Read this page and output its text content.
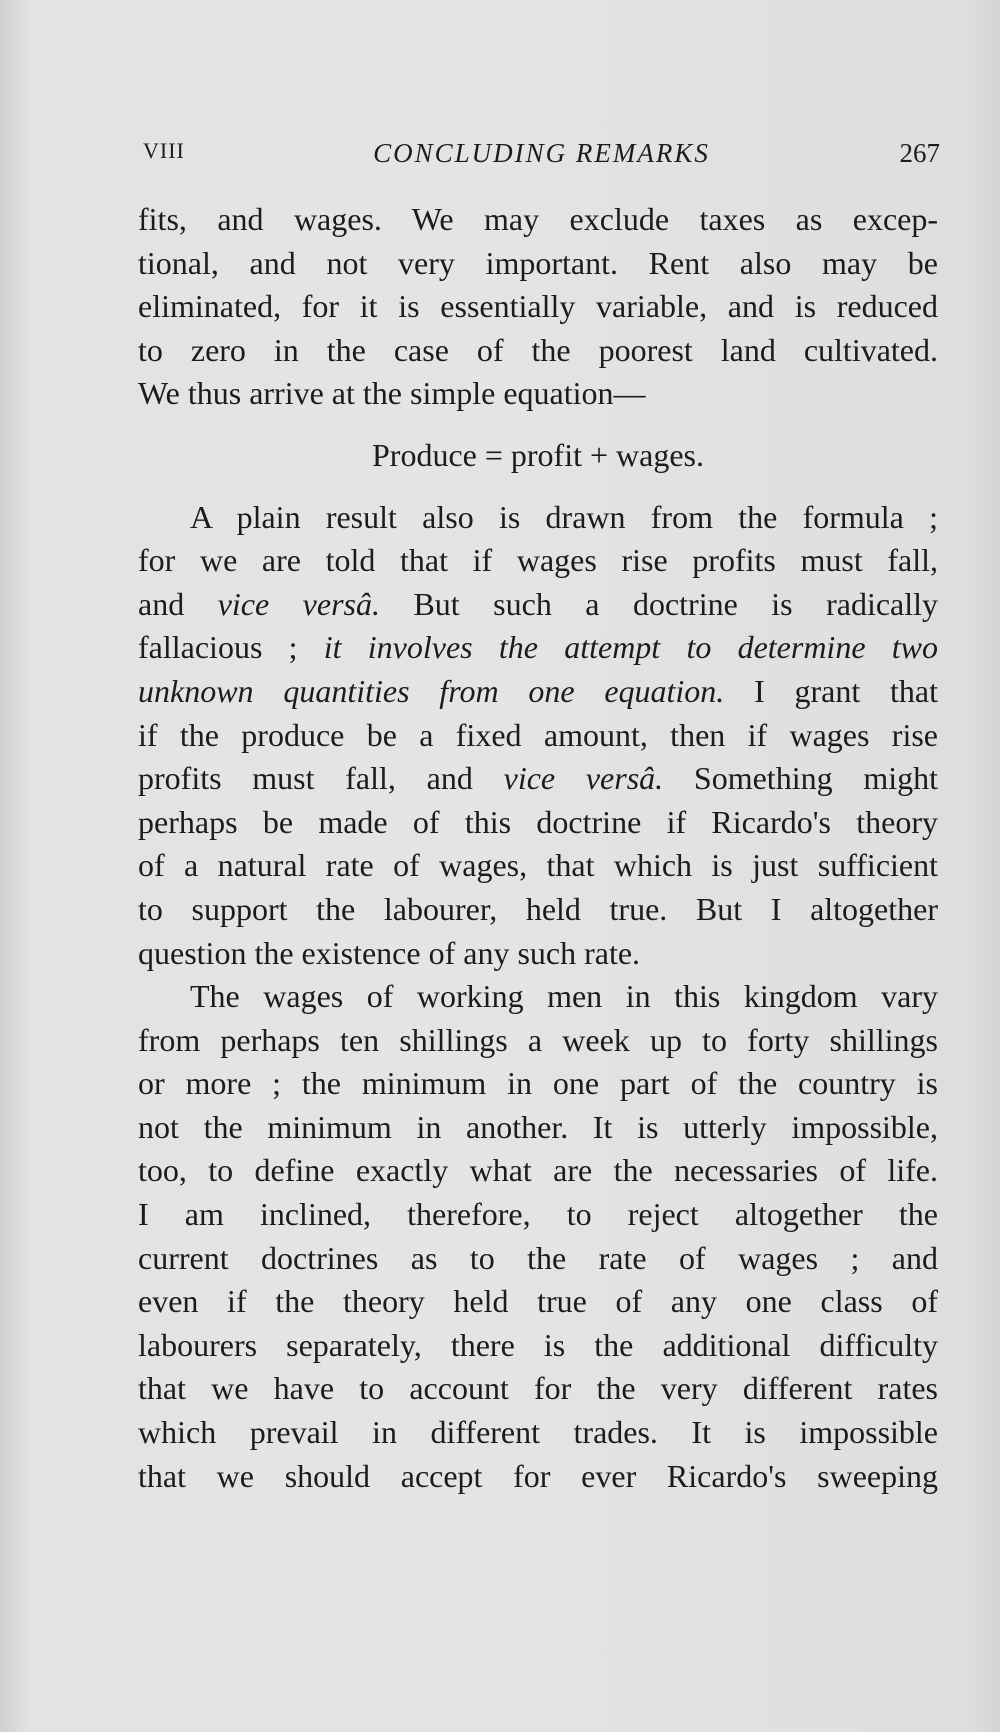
VIII	CONCLUDING REMARKS	267
fits, and wages. We may exclude taxes as excep-
tional, and not very important. Rent also may be
eliminated, for it is essentially variable, and is reduced
to zero in the case of the poorest land cultivated.
We thus arrive at the simple equation—
Produce = profit + wages.
A plain result also is drawn from the formula ;
for we are told that if wages rise profits must fall,
and vice versâ. But such a doctrine is radically
fallacious ; it involves the attempt to determine two
unknown quantities from one equation. I grant that
if the produce be a fixed amount, then if wages rise
profits must fall, and vice versâ. Something might
perhaps be made of this doctrine if Ricardo's theory
of a natural rate of wages, that which is just sufficient
to support the labourer, held true. But I altogether
question the existence of any such rate.
The wages of working men in this kingdom vary
from perhaps ten shillings a week up to forty shillings
or more ; the minimum in one part of the country is
not the minimum in another. It is utterly impossible,
too, to define exactly what are the necessaries of life.
I am inclined, therefore, to reject altogether the
current doctrines as to the rate of wages ; and
even if the theory held true of any one class of
labourers separately, there is the additional difficulty
that we have to account for the very different rates
which prevail in different trades. It is impossible
that we should accept for ever Ricardo's sweeping
